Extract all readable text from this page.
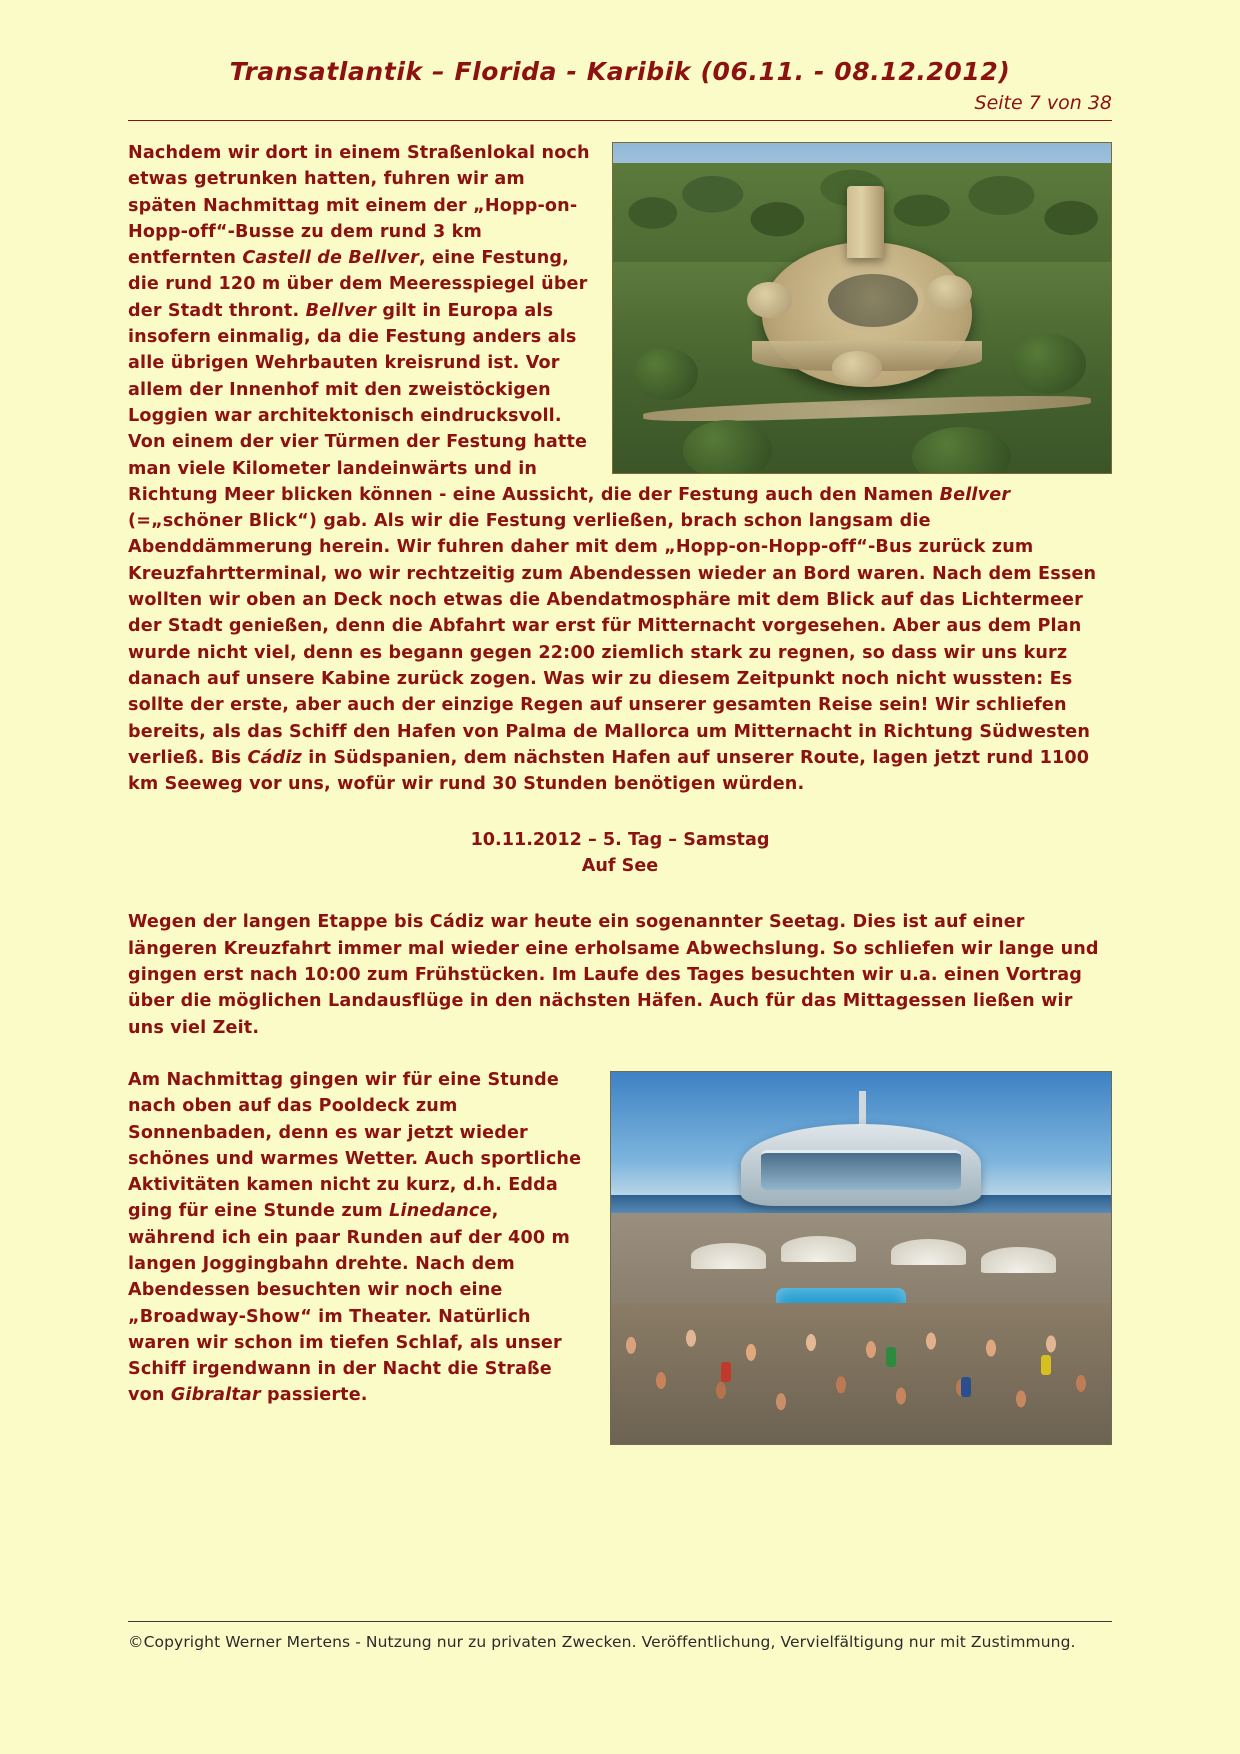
Transatlantik – Florida - Karibik (06.11. - 08.12.2012)
Seite 7 von 38

Nachdem wir dort in einem Straßenlokal noch etwas getrunken hatten, fuhren wir am späten Nachmittag mit einem der „Hopp-on-Hopp-off“-Busse zu dem rund 3 km entfernten Castell de Bellver, eine Festung, die rund 120 m über dem Meeresspiegel über der Stadt thront. Bellver gilt in Europa als insofern einmalig, da die Festung anders als alle übrigen Wehrbauten kreisrund ist. Vor allem der Innenhof mit den zweistöckigen Loggien war architektonisch eindrucksvoll. Von einem der vier Türmen der Festung hatte man viele Kilometer landeinwärts und in Richtung Meer blicken können - eine Aussicht, die der Festung auch den Namen Bellver (=„schöner Blick“) gab. Als wir die Festung verließen, brach schon langsam die Abenddämmerung herein. Wir fuhren daher mit dem „Hopp-on-Hopp-off“-Bus zurück zum Kreuzfahrtterminal, wo wir rechtzeitig zum Abendessen wieder an Bord waren. Nach dem Essen wollten wir oben an Deck noch etwas die Abendatmosphäre mit dem Blick auf das Lichtermeer der Stadt genießen, denn die Abfahrt war erst für Mitternacht vorgesehen. Aber aus dem Plan wurde nicht viel, denn es begann gegen 22:00 ziemlich stark zu regnen, so dass wir uns kurz danach auf unsere Kabine zurück zogen. Was wir zu diesem Zeitpunkt noch nicht wussten: Es sollte der erste, aber auch der einzige Regen auf unserer gesamten Reise sein! Wir schliefen bereits, als das Schiff den Hafen von Palma de Mallorca um Mitternacht in Richtung Südwesten verließ. Bis Cádiz in Südspanien, dem nächsten Hafen auf unserer Route, lagen jetzt rund 1100 km Seeweg vor uns, wofür wir rund 30 Stunden benötigen würden.

10.11.2012 – 5. Tag – Samstag
Auf See

Wegen der langen Etappe bis Cádiz war heute ein sogenannter Seetag. Dies ist auf einer längeren Kreuzfahrt immer mal wieder eine erholsame Abwechslung. So schliefen wir lange und gingen erst nach 10:00 zum Frühstücken. Im Laufe des Tages besuchten wir u.a. einen Vortrag über die möglichen Landausflüge in den nächsten Häfen. Auch für das Mittagessen ließen wir uns viel Zeit.

Am Nachmittag gingen wir für eine Stunde nach oben auf das Pooldeck zum Sonnenbaden, denn es war jetzt wieder schönes und warmes Wetter. Auch sportliche Aktivitäten kamen nicht zu kurz, d.h. Edda ging für eine Stunde zum Linedance, während ich ein paar Runden auf der 400 m langen Joggingbahn drehte. Nach dem Abendessen besuchten wir noch eine „Broadway-Show“ im Theater. Natürlich waren wir schon im tiefen Schlaf, als unser Schiff irgendwann in der Nacht die Straße von Gibraltar passierte.

©Copyright Werner Mertens - Nutzung nur zu privaten Zwecken. Veröffentlichung, Vervielfältigung nur mit Zustimmung.
